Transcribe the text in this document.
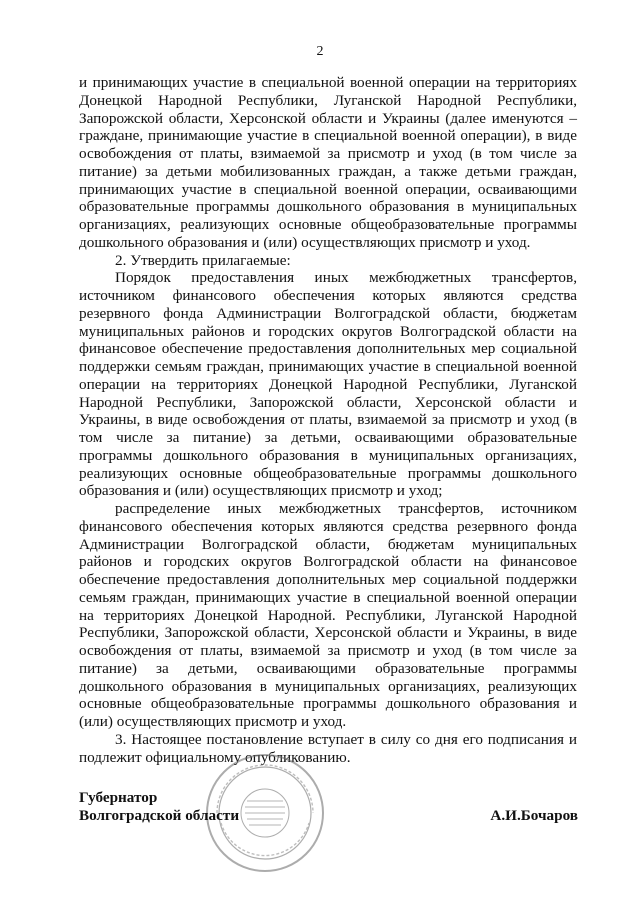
2

и принимающих участие в специальной военной операции на территориях Донецкой Народной Республики, Луганской Народной Республики, Запорожской области, Херсонской области и Украины (далее именуются – граждане, принимающие участие в специальной военной операции), в виде освобождения от платы, взимаемой за присмотр и уход (в том числе за питание) за детьми мобилизованных граждан, а также детьми граждан, принимающих участие в специальной военной операции, осваивающими образовательные программы дошкольного образования в муниципальных организациях, реализующих основные общеобразовательные программы дошкольного образования и (или) осуществляющих присмотр и уход.

2. Утвердить прилагаемые:

Порядок предоставления иных межбюджетных трансфертов, источником финансового обеспечения которых являются средства резервного фонда Администрации Волгоградской области, бюджетам муниципальных районов и городских округов Волгоградской области на финансовое обеспечение предоставления дополнительных мер социальной поддержки семьям граждан, принимающих участие в специальной военной операции на территориях Донецкой Народной Республики, Луганской Народной Республики, Запорожской области, Херсонской области и Украины, в виде освобождения от платы, взимаемой за присмотр и уход (в том числе за питание) за детьми, осваивающими образовательные программы дошкольного образования в муниципальных организациях, реализующих основные общеобразовательные программы дошкольного образования и (или) осуществляющих присмотр и уход;

распределение иных межбюджетных трансфертов, источником финансового обеспечения которых являются средства резервного фонда Администрации Волгоградской области, бюджетам муниципальных районов и городских округов Волгоградской области на финансовое обеспечение предоставления дополнительных мер социальной поддержки семьям граждан, принимающих участие в специальной военной операции на территориях Донецкой Народной. Республики, Луганской Народной Республики, Запорожской области, Херсонской области и Украины, в виде освобождения от платы, взимаемой за присмотр и уход (в том числе за питание) за детьми, осваивающими образовательные программы дошкольного образования в муниципальных организациях, реализующих основные общеобразовательные программы дошкольного образования и (или) осуществляющих присмотр и уход.

3. Настоящее постановление вступает в силу со дня его подписания и подлежит официальному опубликованию.

Губернатор
Волгоградской области	А.И.Бочаров
